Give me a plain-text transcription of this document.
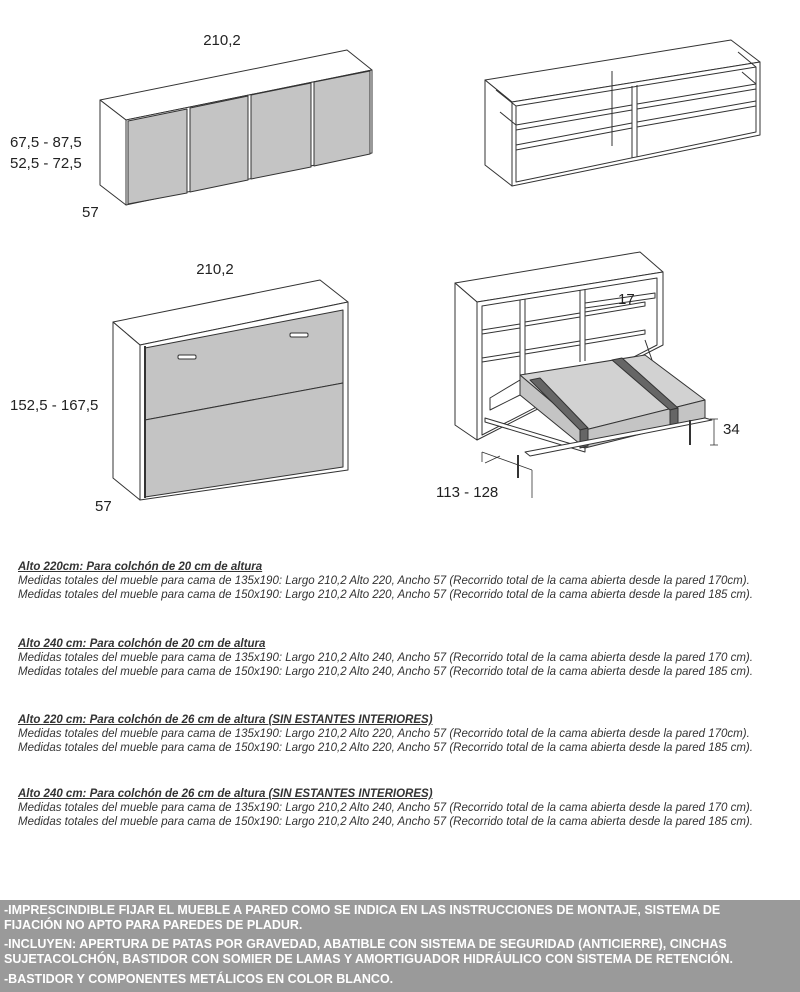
210,2
67,5 - 87,5
52,5 - 72,5
57
210,2
152,5 - 167,5
57
17
34
113 - 128
Alto 220cm: Para colchón de 20 cm de altura
Medidas totales del mueble para cama de 135x190: Largo 210,2 Alto 220, Ancho 57 (Recorrido total de la cama abierta desde la pared 170cm).
Medidas totales del mueble para cama de 150x190: Largo 210,2 Alto 220, Ancho 57 (Recorrido total de la cama abierta desde la pared 185 cm).
Alto 240 cm: Para colchón de 20 cm de altura
Medidas totales del mueble para cama de 135x190: Largo 210,2 Alto 240, Ancho 57 (Recorrido total de la cama abierta desde la pared 170 cm).
Medidas totales del mueble para cama de 150x190: Largo 210,2 Alto 240, Ancho 57 (Recorrido total de la cama abierta desde la pared 185 cm).
Alto 220 cm: Para colchón de 26 cm de altura (SIN ESTANTES INTERIORES)
Medidas totales del mueble para cama de 135x190: Largo 210,2 Alto 220, Ancho 57 (Recorrido total de la cama abierta desde la pared 170cm).
Medidas totales del mueble para cama de 150x190: Largo 210,2 Alto 220, Ancho 57 (Recorrido total de la cama abierta desde la pared 185 cm).
Alto 240 cm: Para colchón de 26 cm de altura (SIN ESTANTES INTERIORES)
Medidas totales del mueble para cama de 135x190: Largo 210,2 Alto 240, Ancho 57 (Recorrido total de la cama abierta desde la pared 170 cm).
Medidas totales del mueble para cama de 150x190: Largo 210,2 Alto 240, Ancho 57 (Recorrido total de la cama abierta desde la pared 185 cm).
-IMPRESCINDIBLE FIJAR EL MUEBLE A PARED COMO SE INDICA EN LAS INSTRUCCIONES DE MONTAJE, SISTEMA DE
FIJACIÓN NO APTO PARA PAREDES DE PLADUR.
-INCLUYEN: APERTURA DE PATAS POR GRAVEDAD, ABATIBLE CON SISTEMA DE SEGURIDAD (ANTICIERRE), CINCHAS
SUJETACOLCHÓN, BASTIDOR CON SOMIER DE LAMAS Y AMORTIGUADOR HIDRÁULICO CON SISTEMA DE RETENCIÓN.
-BASTIDOR Y COMPONENTES METÁLICOS EN COLOR BLANCO.
